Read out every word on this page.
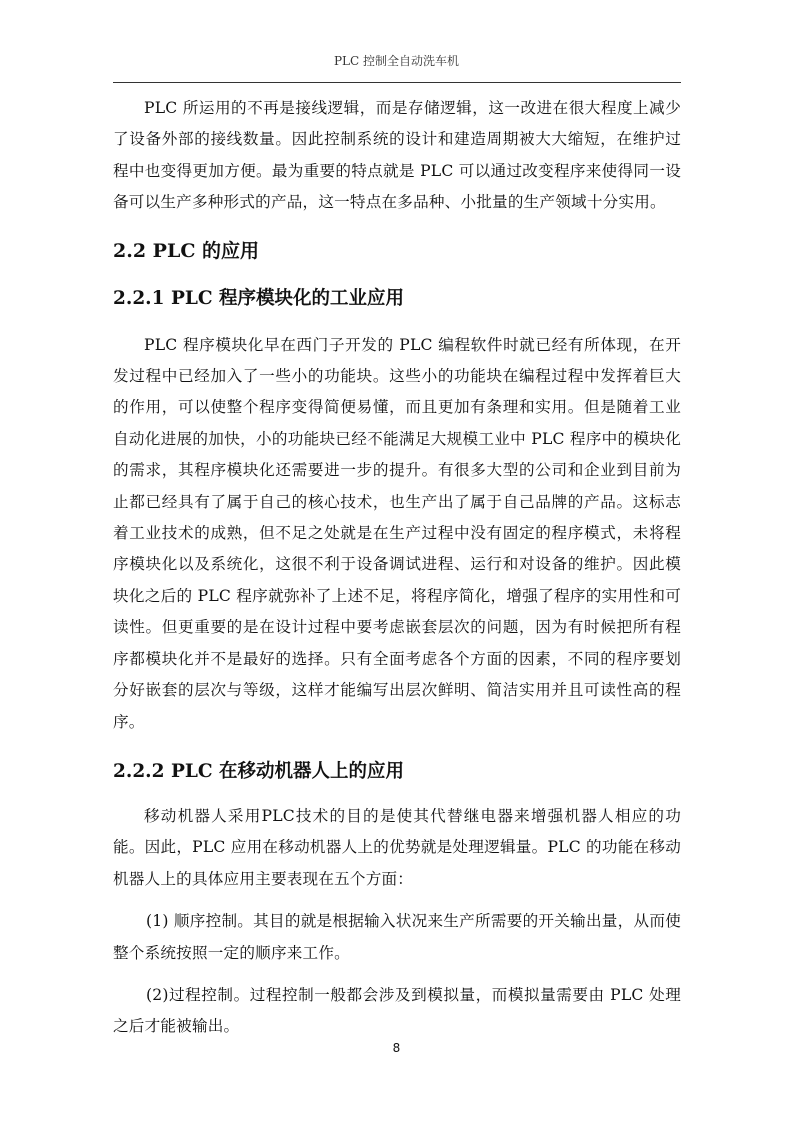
PLC 控制全自动洗车机

PLC 所运用的不再是接线逻辑，而是存储逻辑，这一改进在很大程度上减少了设备外部的接线数量。因此控制系统的设计和建造周期被大大缩短，在维护过程中也变得更加方便。最为重要的特点就是 PLC 可以通过改变程序来使得同一设备可以生产多种形式的产品，这一特点在多品种、小批量的生产领域十分实用。

2.2 PLC 的应用
2.2.1 PLC 程序模块化的工业应用

PLC 程序模块化早在西门子开发的 PLC 编程软件时就已经有所体现，在开发过程中已经加入了一些小的功能块。这些小的功能块在编程过程中发挥着巨大的作用，可以使整个程序变得简便易懂，而且更加有条理和实用。但是随着工业自动化进展的加快，小的功能块已经不能满足大规模工业中 PLC 程序中的模块化的需求，其程序模块化还需要进一步的提升。有很多大型的公司和企业到目前为止都已经具有了属于自己的核心技术，也生产出了属于自己品牌的产品。这标志着工业技术的成熟，但不足之处就是在生产过程中没有固定的程序模式，未将程序模块化以及系统化，这很不利于设备调试进程、运行和对设备的维护。因此模块化之后的 PLC 程序就弥补了上述不足，将程序简化，增强了程序的实用性和可读性。但更重要的是在设计过程中要考虑嵌套层次的问题，因为有时候把所有程序都模块化并不是最好的选择。只有全面考虑各个方面的因素，不同的程序要划分好嵌套的层次与等级，这样才能编写出层次鲜明、简洁实用并且可读性高的程序。

2.2.2 PLC 在移动机器人上的应用

移动机器人采用PLC技术的目的是使其代替继电器来增强机器人相应的功能。因此，PLC 应用在移动机器人上的优势就是处理逻辑量。PLC 的功能在移动机器人上的具体应用主要表现在五个方面：

(1) 顺序控制。其目的就是根据输入状况来生产所需要的开关输出量，从而使整个系统按照一定的顺序来工作。

(2)过程控制。过程控制一般都会涉及到模拟量，而模拟量需要由 PLC 处理之后才能被输出。

8
